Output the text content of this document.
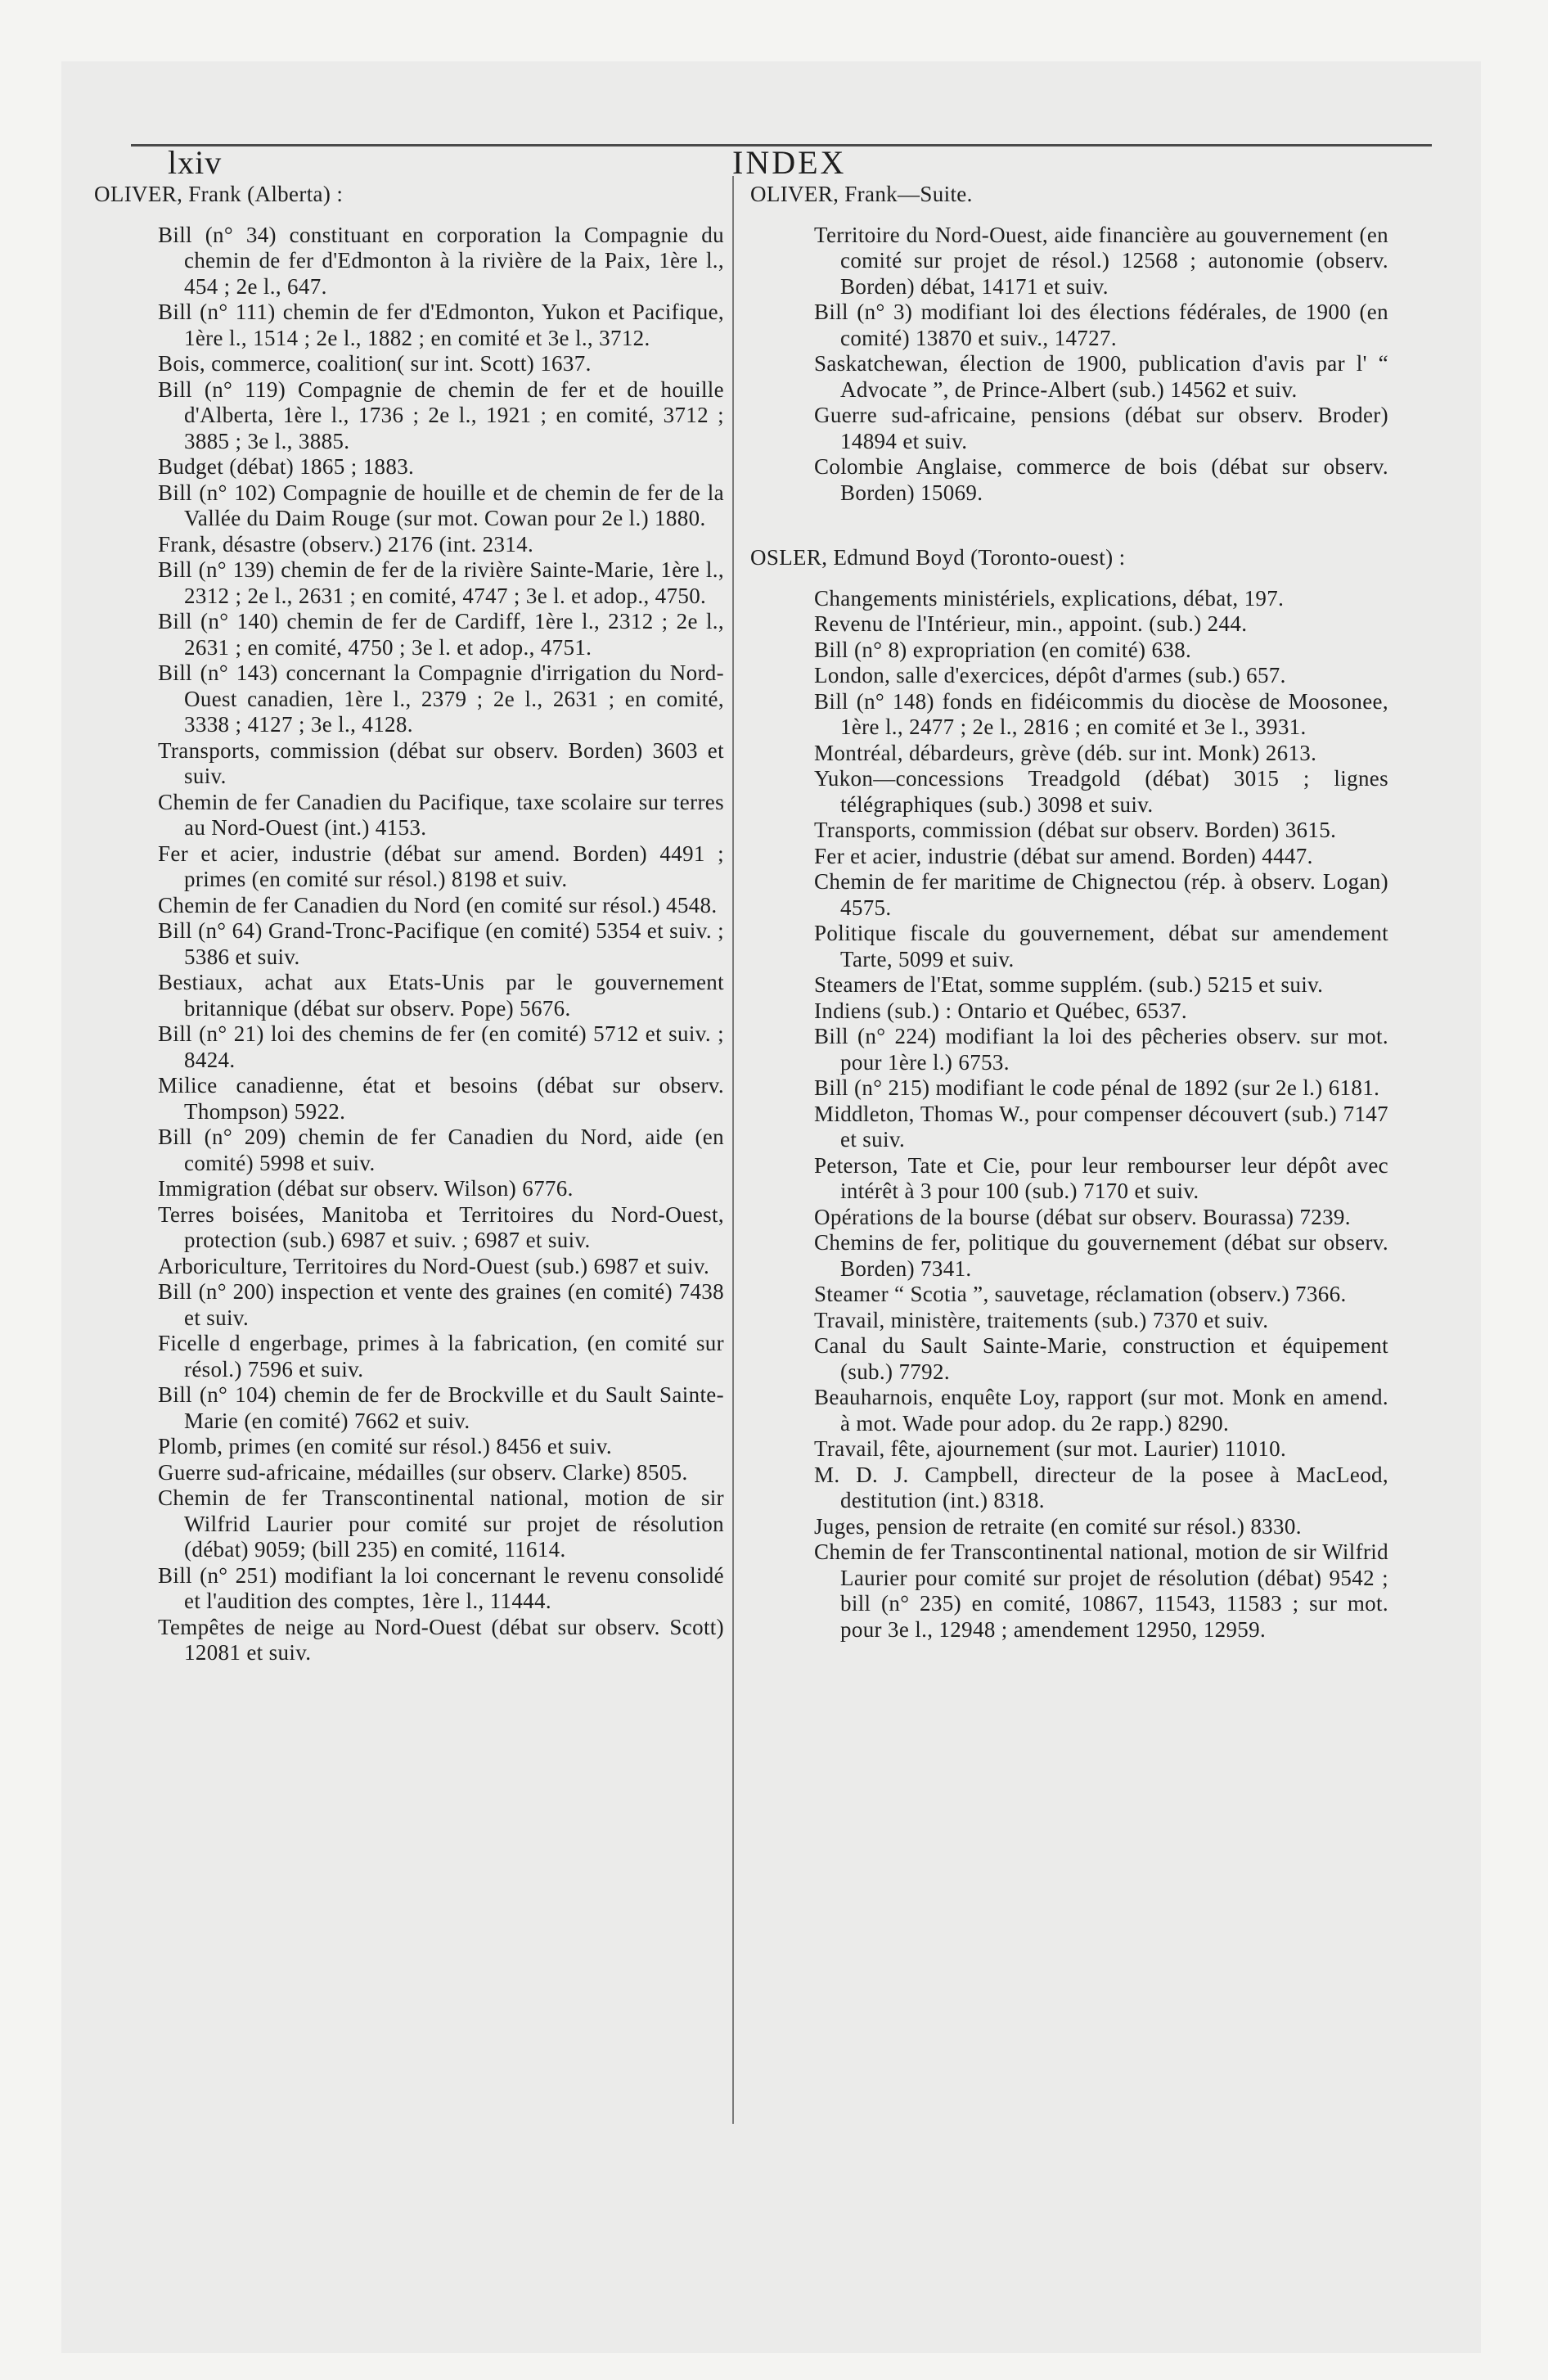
lxiv	INDEX
OLIVER, Frank (Alberta) :
Bill (n° 34) constituant en corporation la Compagnie du chemin de fer d'Edmonton à la rivière de la Paix, 1ère l., 454 ; 2e l., 647.
Bill (n° 111) chemin de fer d'Edmonton, Yukon et Pacifique, 1ère l., 1514 ; 2e l., 1882 ; en comité et 3e l., 3712.
Bois, commerce, coalition( sur int. Scott) 1637.
Bill (n° 119) Compagnie de chemin de fer et de houille d'Alberta, 1ère l., 1736 ; 2e l., 1921 ; en comité, 3712 ; 3885 ; 3e l., 3885.
Budget (débat) 1865 ; 1883.
Bill (n° 102) Compagnie de houille et de chemin de fer de la Vallée du Daim Rouge (sur mot. Cowan pour 2e l.) 1880.
Frank, désastre (observ.) 2176 (int. 2314.
Bill (n° 139) chemin de fer de la rivière Sainte-Marie, 1ère l., 2312 ; 2e l., 2631 ; en comité, 4747 ; 3e l. et adop., 4750.
Bill (n° 140) chemin de fer de Cardiff, 1ère l., 2312 ; 2e l., 2631 ; en comité, 4750 ; 3e l. et adop., 4751.
Bill (n° 143) concernant la Compagnie d'irrigation du Nord-Ouest canadien, 1ère l., 2379 ; 2e l., 2631 ; en comité, 3338 ; 4127 ; 3e l., 4128.
Transports, commission (débat sur observ. Borden) 3603 et suiv.
Chemin de fer Canadien du Pacifique, taxe scolaire sur terres au Nord-Ouest (int.) 4153.
Fer et acier, industrie (débat sur amend. Borden) 4491 ; primes (en comité sur résol.) 8198 et suiv.
Chemin de fer Canadien du Nord (en comité sur résol.) 4548.
Bill (n° 64) Grand-Tronc-Pacifique (en comité) 5354 et suiv. ; 5386 et suiv.
Bestiaux, achat aux Etats-Unis par le gouvernement britannique (débat sur observ. Pope) 5676.
Bill (n° 21) loi des chemins de fer (en comité) 5712 et suiv. ; 8424.
Milice canadienne, état et besoins (débat sur observ. Thompson) 5922.
Bill (n° 209) chemin de fer Canadien du Nord, aide (en comité) 5998 et suiv.
Immigration (débat sur observ. Wilson) 6776.
Terres boisées, Manitoba et Territoires du Nord-Ouest, protection (sub.) 6987 et suiv. ; 6987 et suiv.
Arboriculture, Territoires du Nord-Ouest (sub.) 6987 et suiv.
Bill (n° 200) inspection et vente des graines (en comité) 7438 et suiv.
Ficelle d engerbage, primes à la fabrication, (en comité sur résol.) 7596 et suiv.
Bill (n° 104) chemin de fer de Brockville et du Sault Sainte-Marie (en comité) 7662 et suiv.
Plomb, primes (en comité sur résol.) 8456 et suiv.
Guerre sud-africaine, médailles (sur observ. Clarke) 8505.
Chemin de fer Transcontinental national, motion de sir Wilfrid Laurier pour comité sur projet de résolution (débat) 9059; (bill 235) en comité, 11614.
Bill (n° 251) modifiant la loi concernant le revenu consolidé et l'audition des comptes, 1ère l., 11444.
Tempêtes de neige au Nord-Ouest (débat sur observ. Scott) 12081 et suiv.
OLIVER, Frank—Suite.
Territoire du Nord-Ouest, aide financière au gouvernement (en comité sur projet de résol.) 12568 ; autonomie (observ. Borden) débat, 14171 et suiv.
Bill (n° 3) modifiant loi des élections fédérales, de 1900 (en comité) 13870 et suiv., 14727.
Saskatchewan, élection de 1900, publication d'avis par l' “ Advocate ”, de Prince-Albert (sub.) 14562 et suiv.
Guerre sud-africaine, pensions (débat sur observ. Broder) 14894 et suiv.
Colombie Anglaise, commerce de bois (débat sur observ. Borden) 15069.
OSLER, Edmund Boyd (Toronto-ouest) :
Changements ministériels, explications, débat, 197.
Revenu de l'Intérieur, min., appoint. (sub.) 244.
Bill (n° 8) expropriation (en comité) 638.
London, salle d'exercices, dépôt d'armes (sub.) 657.
Bill (n° 148) fonds en fidéicommis du diocèse de Moosonee, 1ère l., 2477 ; 2e l., 2816 ; en comité et 3e l., 3931.
Montréal, débardeurs, grève (déb. sur int. Monk) 2613.
Yukon—concessions Treadgold (débat) 3015 ; lignes télégraphiques (sub.) 3098 et suiv.
Transports, commission (débat sur observ. Borden) 3615.
Fer et acier, industrie (débat sur amend. Borden) 4447.
Chemin de fer maritime de Chignectou (rép. à observ. Logan) 4575.
Politique fiscale du gouvernement, débat sur amendement Tarte, 5099 et suiv.
Steamers de l'Etat, somme supplém. (sub.) 5215 et suiv.
Indiens (sub.) : Ontario et Québec, 6537.
Bill (n° 224) modifiant la loi des pêcheries observ. sur mot. pour 1ère l.) 6753.
Bill (n° 215) modifiant le code pénal de 1892 (sur 2e l.) 6181.
Middleton, Thomas W., pour compenser découvert (sub.) 7147 et suiv.
Peterson, Tate et Cie, pour leur rembourser leur dépôt avec intérêt à 3 pour 100 (sub.) 7170 et suiv.
Opérations de la bourse (débat sur observ. Bourassa) 7239.
Chemins de fer, politique du gouvernement (débat sur observ. Borden) 7341.
Steamer “ Scotia ”, sauvetage, réclamation (observ.) 7366.
Travail, ministère, traitements (sub.) 7370 et suiv.
Canal du Sault Sainte-Marie, construction et équipement (sub.) 7792.
Beauharnois, enquête Loy, rapport (sur mot. Monk en amend. à mot. Wade pour adop. du 2e rapp.) 8290.
Travail, fête, ajournement (sur mot. Laurier) 11010.
M. D. J. Campbell, directeur de la posee à MacLeod, destitution (int.) 8318.
Juges, pension de retraite (en comité sur résol.) 8330.
Chemin de fer Transcontinental national, motion de sir Wilfrid Laurier pour comité sur projet de résolution (débat) 9542 ; bill (n° 235) en comité, 10867, 11543, 11583 ; sur mot. pour 3e l., 12948 ; amendement 12950, 12959.
